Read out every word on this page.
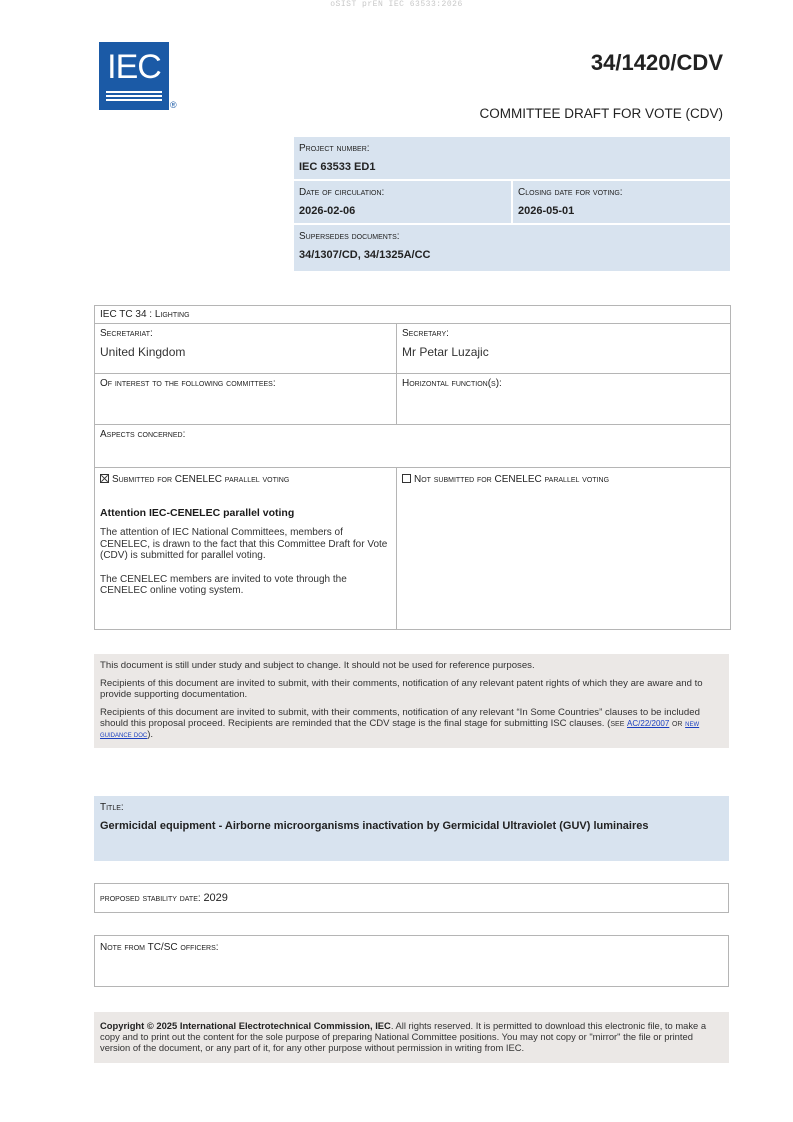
oSIST prEN IEC 63533:2026
IEC
®
34/1420/CDV
COMMITTEE DRAFT FOR VOTE (CDV)
Project number:
IEC 63533 ED1
Date of circulation:
2026-02-06
Closing date for voting:
2026-05-01
Supersedes documents:
34/1307/CD, 34/1325A/CC
IEC TC 34 : Lighting
Secretariat:
United Kingdom
Secretary:
Mr Petar Luzajic
Of interest to the following committees:	Horizontal function(s):
Aspects concerned:
Submitted for CENELEC parallel voting
Attention IEC-CENELEC parallel voting
The attention of IEC National Committees, members of CENELEC, is drawn to the fact that this Committee Draft for Vote (CDV) is submitted for parallel voting.
The CENELEC members are invited to vote through the CENELEC online voting system.
Not submitted for CENELEC parallel voting

This document is still under study and subject to change. It should not be used for reference purposes.

Recipients of this document are invited to submit, with their comments, notification of any relevant patent rights of which they are aware and to provide supporting documentation.

Recipients of this document are invited to submit, with their comments, notification of any relevant “In Some Countries” clauses to be included should this proposal proceed. Recipients are reminded that the CDV stage is the final stage for submitting ISC clauses. (see AC/22/2007 or new guidance doc).

Title:
Germicidal equipment - Airborne microorganisms inactivation by Germicidal Ultraviolet (GUV) luminaires
proposed stability date: 2029
Note from TC/SC officers:
Copyright © 2025 International Electrotechnical Commission, IEC. All rights reserved. It is permitted to download this electronic file, to make a copy and to print out the content for the sole purpose of preparing National Committee positions. You may not copy or "mirror" the file or printed version of the document, or any part of it, for any other purpose without permission in writing from IEC.
